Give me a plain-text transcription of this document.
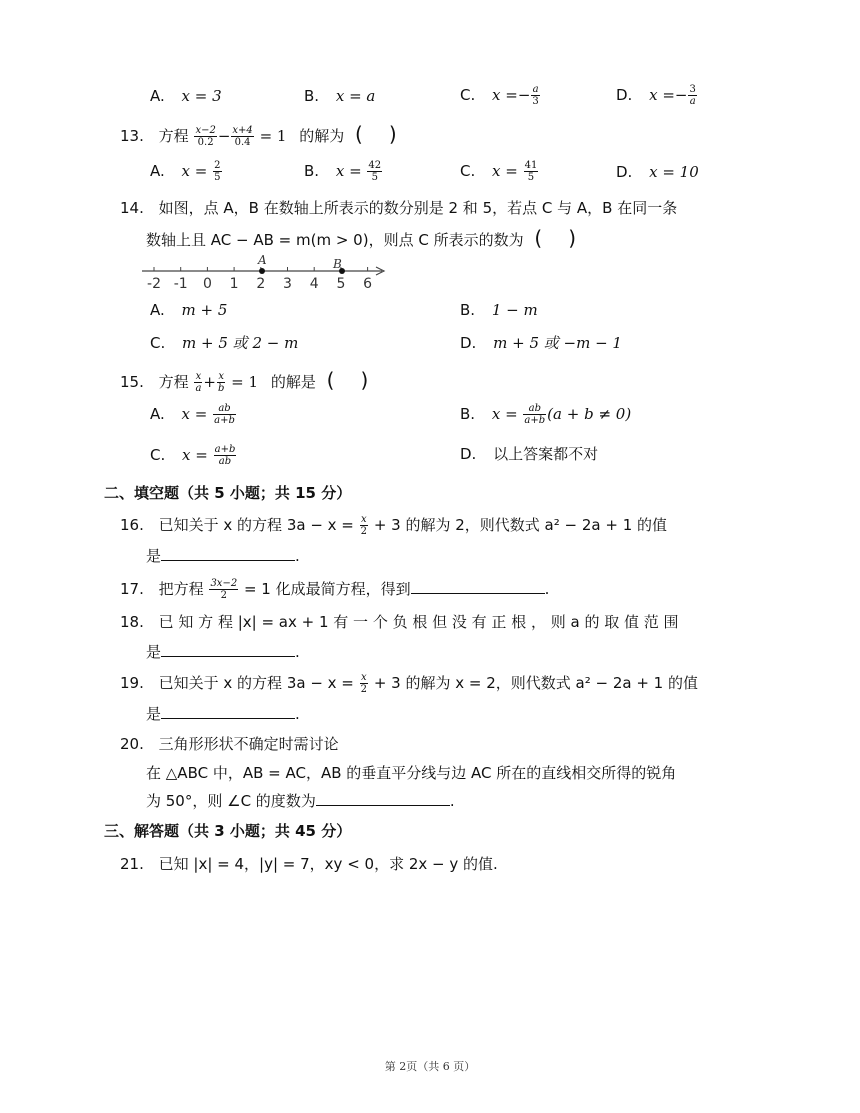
A. x = 3	B. x = a	C. $x =- \frac{a}{3}$	D. $x =- \frac{3}{a}$
13. 方程 $\frac{x-2}{0.2} - \frac{x+4}{0.4} = 1$ 的解为 ( )
A. $x = \frac{2}{5}$	B. $x = \frac{42}{5}$	C. $x = \frac{41}{5}$	D. x = 10
14. 如图，点 A，B 在数轴上所表示的数分别是 2 和 5，若点 C 与 A，B 在同一条
数轴上且 AC − AB = m(m > 0)，则点 C 所表示的数为 ( )
-2 -1 0 1 2 3 4 5 6
A	B
A. m + 5	B. 1 − m
C. m + 5 或 2 − m	D. m + 5 或 −m − 1
15. 方程 $\frac{x}{a} + \frac{x}{b} = 1$ 的解是 ( )
A. $x = \frac{ab}{a+b}$	B. $x = \frac{ab}{a+b} (a + b \ne 0)$
C. $x = \frac{a+b}{ab}$	D. 以上答案都不对
二、填空题（共 5 小题；共 15 分）
16. 已知关于 x 的方程 $3a - x = \frac{x}{2} + 3$ 的解为 2，则代数式 a² − 2a + 1 的值
是	.
17. 把方程 $\frac{3x-2}{2} = 1$ 化成最简方程，得到	.
18. 已 知 方 程 |x| = ax + 1 有 一 个 负 根 但 没 有 正 根 ， 则 a 的 取 值 范 围
是	.
19. 已知关于 x 的方程 $3a - x = \frac{x}{2} + 3$ 的解为 x = 2，则代数式 a² − 2a + 1 的值
是	.
20. 三角形形状不确定时需讨论
在 △ABC 中，AB = AC，AB 的垂直平分线与边 AC 所在的直线相交所得的锐角
为 50°，则 ∠C 的度数为	.
三、解答题（共 3 小题；共 45 分）
21. 已知 |x| = 4，|y| = 7，xy < 0，求 2x − y 的值.
第 2页（共 6 页）
